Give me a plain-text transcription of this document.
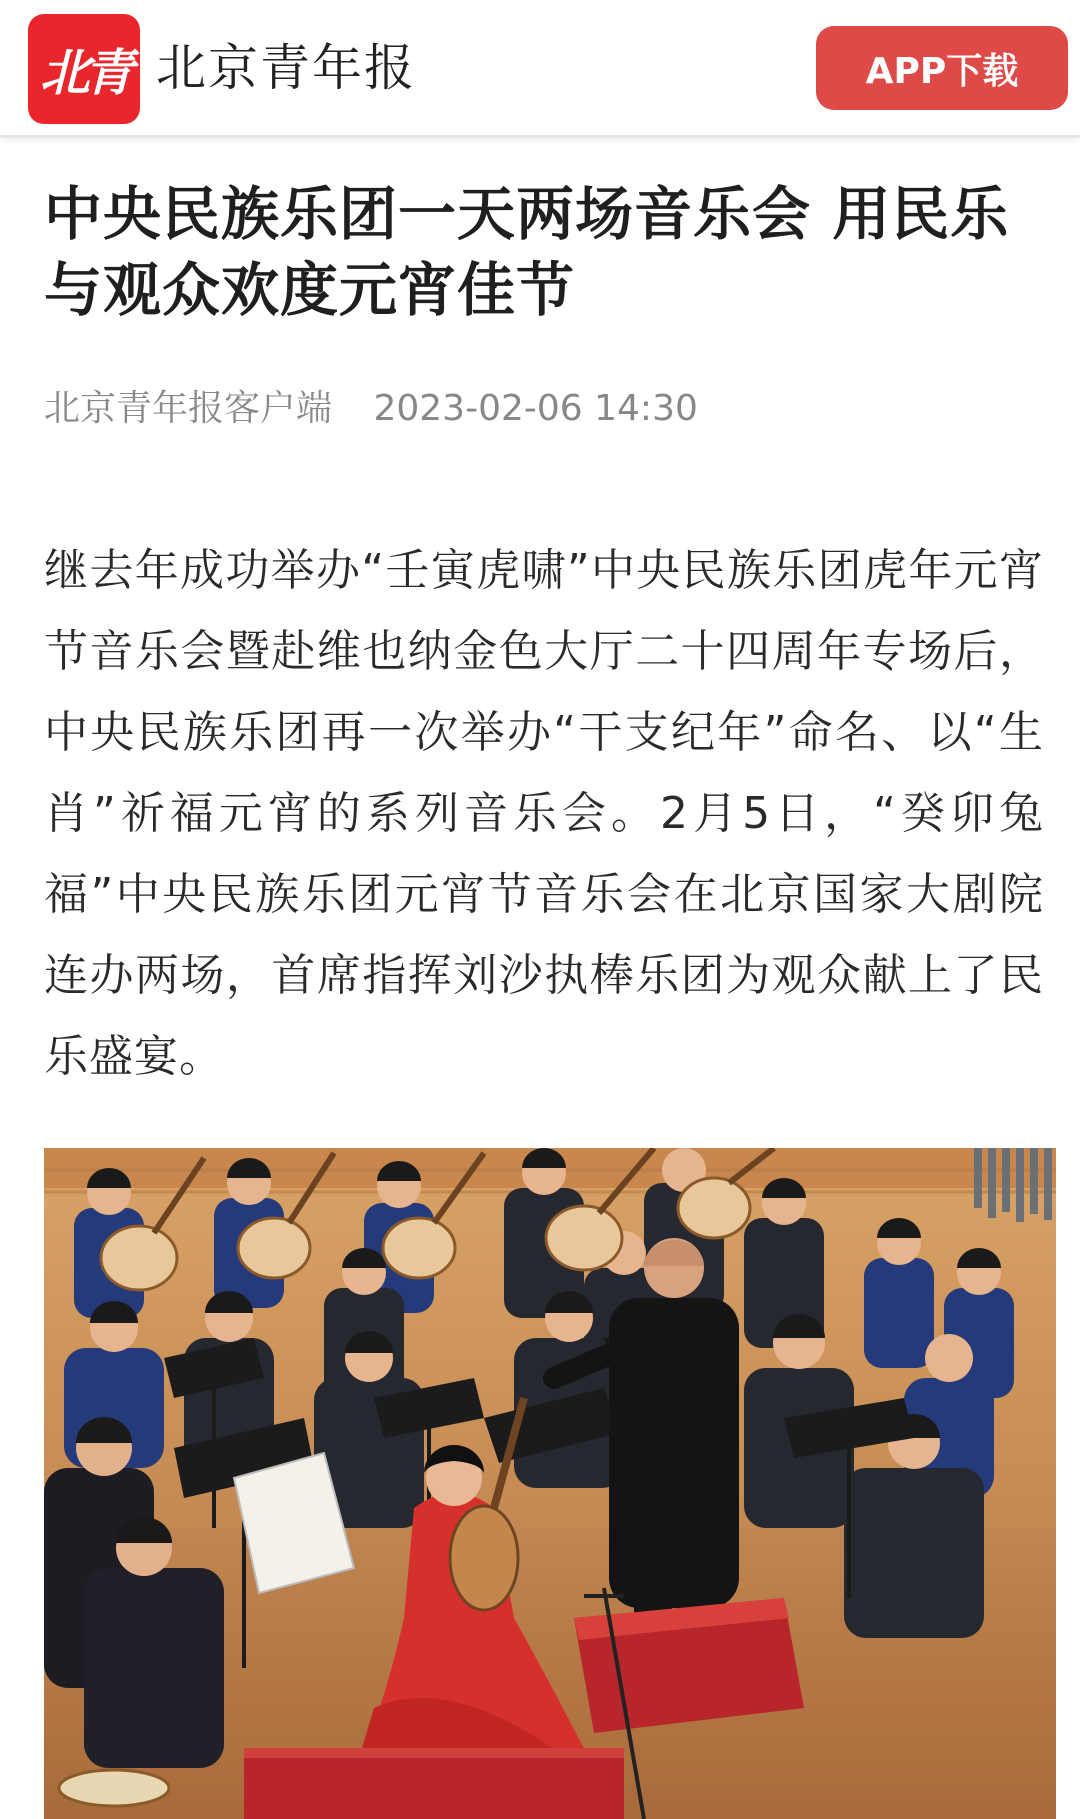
北青 北京青年报	APP下载
中央民族乐团一天两场音乐会 用民乐与观众欢度元宵佳节
北京青年报客户端 2023-02-06 14:30

继去年成功举办“壬寅虎啸”中央民族乐团虎年元宵节音乐会暨赴维也纳金色大厅二十四周年专场后，中央民族乐团再一次举办“干支纪年”命名、以“生肖”祈福元宵的系列音乐会。2月5日，“癸卯兔福”中央民族乐团元宵节音乐会在北京国家大剧院连办两场，首席指挥刘沙执棒乐团为观众献上了民乐盛宴。
